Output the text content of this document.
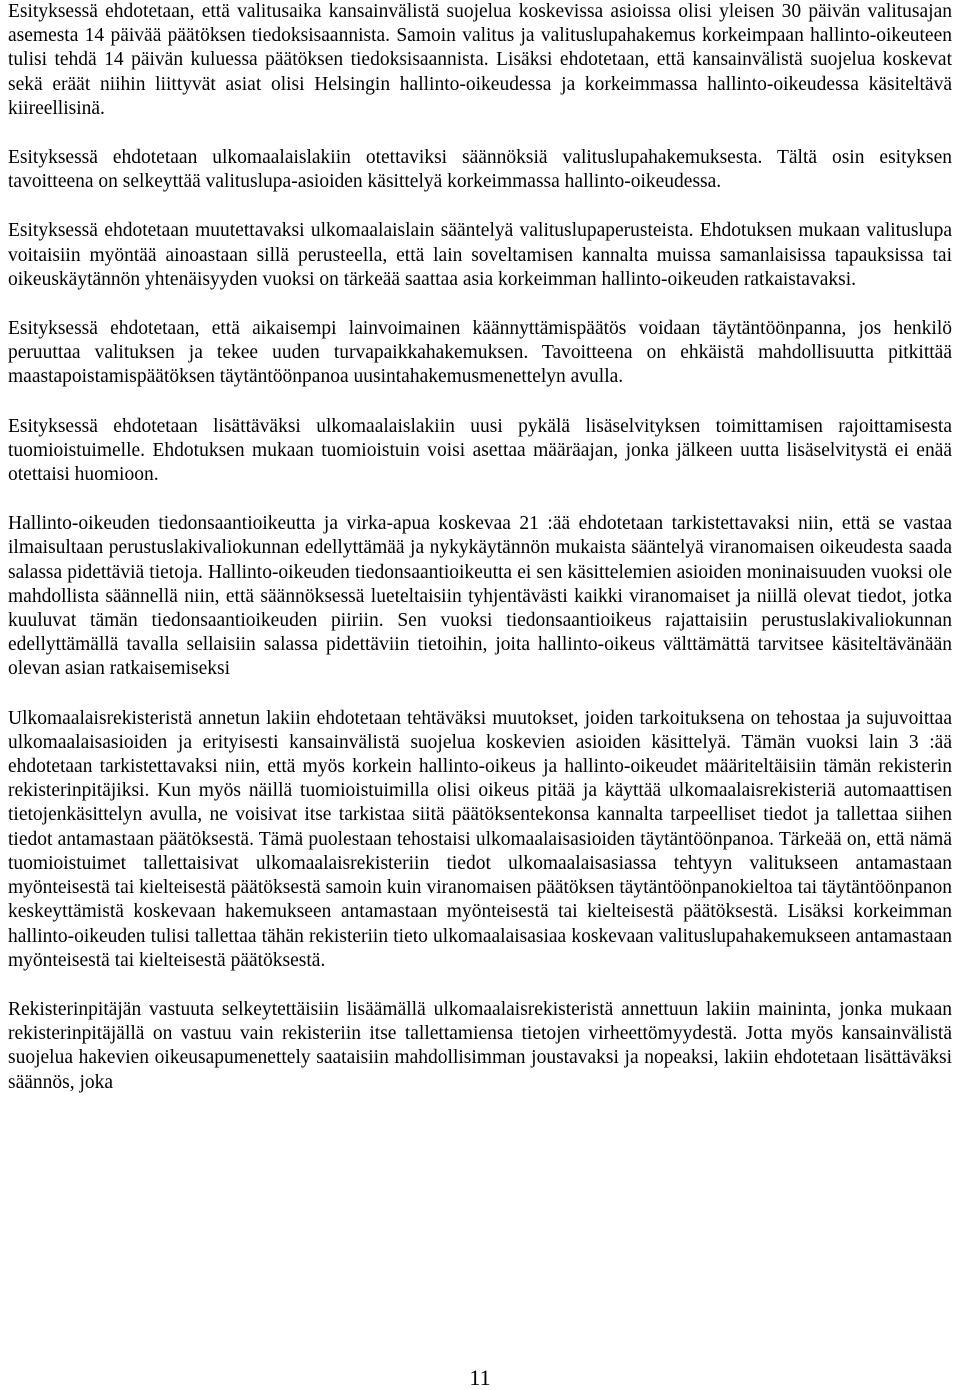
Esityksessä ehdotetaan, että valitusaika kansainvälistä suojelua koskevissa asioissa olisi yleisen 30 päivän valitusajan asemesta 14 päivää päätöksen tiedoksisaannista. Samoin valitus ja valituslupahakemus korkeimpaan hallinto-oikeuteen tulisi tehdä 14 päivän kuluessa päätöksen tiedoksisaannista. Lisäksi ehdotetaan, että kansainvälistä suojelua koskevat sekä eräät niihin liittyvät asiat olisi Helsingin hallinto-oikeudessa ja korkeimmassa hallinto-oikeudessa käsiteltävä kiireellisinä.

Esityksessä ehdotetaan ulkomaalaislakiin otettaviksi säännöksiä valituslupahakemuksesta. Tältä osin esityksen tavoitteena on selkeyttää valituslupa-asioiden käsittelyä korkeimmassa hallinto-oikeudessa.

Esityksessä ehdotetaan muutettavaksi ulkomaalaislain sääntelyä valituslupaperusteista. Ehdotuksen mukaan valituslupa voitaisiin myöntää ainoastaan sillä perusteella, että lain soveltamisen kannalta muissa samanlaisissa tapauksissa tai oikeuskäytännön yhtenäisyyden vuoksi on tärkeää saattaa asia korkeimman hallinto-oikeuden ratkaistavaksi.

Esityksessä ehdotetaan, että aikaisempi lainvoimainen käännyttämispäätös voidaan täytäntöönpanna, jos henkilö peruuttaa valituksen ja tekee uuden turvapaikkahakemuksen. Tavoitteena on ehkäistä mahdollisuutta pitkittää maastapoistamispäätöksen täytäntöönpanoa uusintahakemusmenettelyn avulla.

Esityksessä ehdotetaan lisättäväksi ulkomaalaislakiin uusi pykälä lisäselvityksen toimittamisen rajoittamisesta tuomioistuimelle. Ehdotuksen mukaan tuomioistuin voisi asettaa määräajan, jonka jälkeen uutta lisäselvitystä ei enää otettaisi huomioon.

Hallinto-oikeuden tiedonsaantioikeutta ja virka-apua koskevaa 21 :ää ehdotetaan tarkistettavaksi niin, että se vastaa ilmaisultaan perustuslakivaliokunnan edellyttämää ja nykykäytännön mukaista sääntelyä viranomaisen oikeudesta saada salassa pidettäviä tietoja. Hallinto-oikeuden tiedonsaantioikeutta ei sen käsittelemien asioiden moninaisuuden vuoksi ole mahdollista säännellä niin, että säännöksessä lueteltaisiin tyhjentävästi kaikki viranomaiset ja niillä olevat tiedot, jotka kuuluvat tämän tiedonsaantioikeuden piiriin. Sen vuoksi tiedonsaantioikeus rajattaisiin perustuslakivaliokunnan edellyttämällä tavalla sellaisiin salassa pidettäviin tietoihin, joita hallinto-oikeus välttämättä tarvitsee käsiteltävänään olevan asian ratkaisemiseksi

Ulkomaalaisrekisteristä annetun lakiin ehdotetaan tehtäväksi muutokset, joiden tarkoituksena on tehostaa ja sujuvoittaa ulkomaalaisasioiden ja erityisesti kansainvälistä suojelua koskevien asioiden käsittelyä. Tämän vuoksi lain 3 :ää ehdotetaan tarkistettavaksi niin, että myös korkein hallinto-oikeus ja hallinto-oikeudet määriteltäisiin tämän rekisterin rekisterinpitäjiksi. Kun myös näillä tuomioistuimilla olisi oikeus pitää ja käyttää ulkomaalaisrekisteriä automaattisen tietojenkäsittelyn avulla, ne voisivat itse tarkistaa siitä päätöksentekonsa kannalta tarpeelliset tiedot ja tallettaa siihen tiedot antamastaan päätöksestä. Tämä puolestaan tehostaisi ulkomaalaisasioiden täytäntöönpanoa. Tärkeää on, että nämä tuomioistuimet tallettaisivat ulkomaalaisrekisteriin tiedot ulkomaalaisasiassa tehtyyn valitukseen antamastaan myönteisestä tai kielteisestä päätöksestä samoin kuin viranomaisen päätöksen täytäntöönpanokieltoa tai täytäntöönpanon keskeyttämistä koskevaan hakemukseen antamastaan myönteisestä tai kielteisestä päätöksestä. Lisäksi korkeimman hallinto-oikeuden tulisi tallettaa tähän rekisteriin tieto ulkomaalaisasiaa koskevaan valituslupahakemukseen antamastaan myönteisestä tai kielteisestä päätöksestä.

Rekisterinpitäjän vastuuta selkeytettäisiin lisäämällä ulkomaalaisrekisteristä annettuun lakiin maininta, jonka mukaan rekisterinpitäjällä on vastuu vain rekisteriin itse tallettamiensa tietojen virheettömyydestä. Jotta myös kansainvälistä suojelua hakevien oikeusapumenettely saataisiin mahdollisimman joustavaksi ja nopeaksi, lakiin ehdotetaan lisättäväksi säännös, joka

11
